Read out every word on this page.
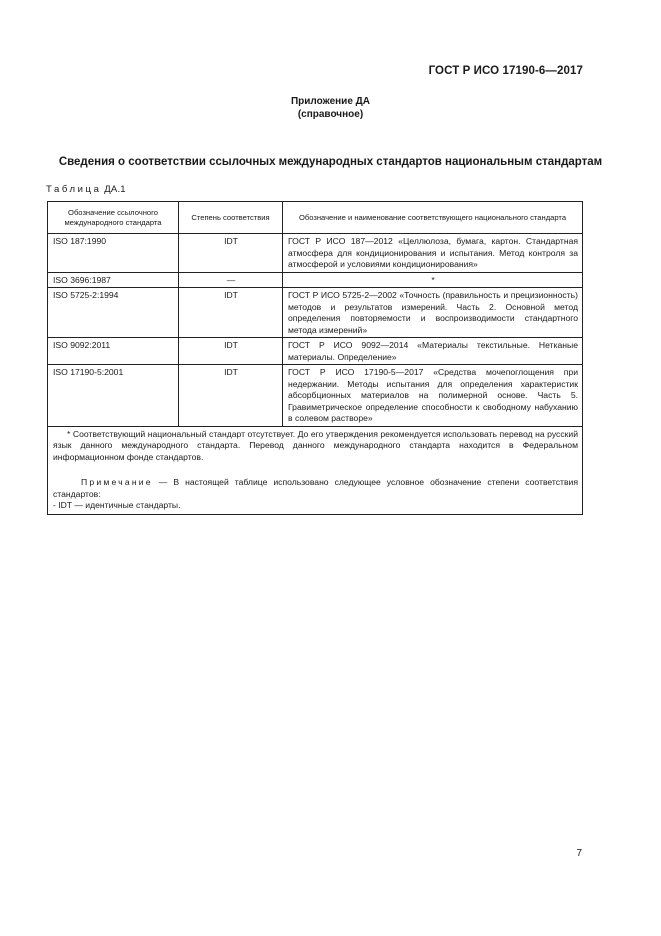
ГОСТ Р ИСО 17190-6—2017
Приложение ДА
(справочное)
Сведения о соответствии ссылочных международных стандартов национальным стандартам
Таблица ДА.1
Обозначение ссылочного международного стандарта	Степень соответствия	Обозначение и наименование соответствующего национального стандарта
ISO 187:1990	IDT	ГОСТ Р ИСО 187—2012 «Целлюлоза, бумага, картон. Стандартная атмосфера для кондиционирования и испытания. Метод контроля за атмосферой и условиями кондиционирования»
ISO 3696:1987	—	*
ISO 5725-2:1994	IDT	ГОСТ Р ИСО 5725-2—2002 «Точность (правильность и прецизионность) методов и результатов измерений. Часть 2. Основной метод определения повторяемости и воспроизводимости стандартного метода измерений»
ISO 9092:2011	IDT	ГОСТ Р ИСО 9092—2014 «Материалы текстильные. Нетканые материалы. Определение»
ISO 17190-5:2001	IDT	ГОСТ Р ИСО 17190-5—2017 «Средства мочепоглощения при недержании. Методы испытания для определения характеристик абсорбционных материалов на полимерной основе. Часть 5. Гравиметрическое определение способности к свободному набуханию в солевом растворе»

* Соответствующий национальный стандарт отсутствует. До его утверждения рекомендуется использовать перевод на русский язык данного международного стандарта. Перевод данного международного стандарта находится в Федеральном информационном фонде стандартов.

Примечание — В настоящей таблице использовано следующее условное обозначение степени соответствия стандартов:

- IDT — идентичные стандарты.		

7
